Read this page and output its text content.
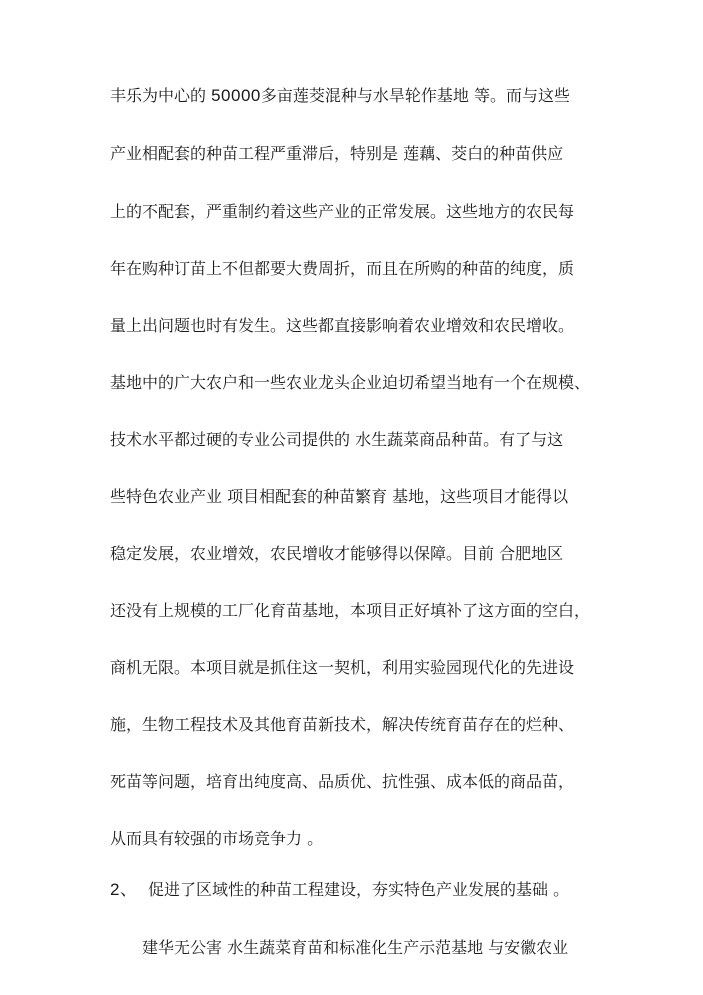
丰乐为中心的 50000多亩莲茭混种与水旱轮作基地 等。而与这些
产业相配套的种苗工程严重滞后，特别是 莲藕、茭白的种苗供应
上的不配套，严重制约着这些产业的正常发展。这些地方的农民每
年在购种订苗上不但都要大费周折，而且在所购的种苗的纯度，质
量上出问题也时有发生。这些都直接影响着农业增效和农民增收。
基地中的广大农户和一些农业龙头企业迫切希望当地有一个在规模、
技术水平都过硬的专业公司提供的 水生蔬菜商品种苗。有了与这
些特色农业产业 项目相配套的种苗繁育 基地，这些项目才能得以
稳定发展，农业增效，农民增收才能够得以保障。目前 合肥地区
还没有上规模的工厂化育苗基地，本项目正好填补了这方面的空白，
商机无限。本项目就是抓住这一契机，利用实验园现代化的先进设
施，生物工程技术及其他育苗新技术，解决传统育苗存在的烂种、
死苗等问题，培育出纯度高、品质优、抗性强、成本低的商品苗，
从而具有较强的市场竞争力 。
2、 促进了区域性的种苗工程建设，夯实特色产业发展的基础 。
建华无公害 水生蔬菜育苗和标准化生产示范基地 与安徽农业
